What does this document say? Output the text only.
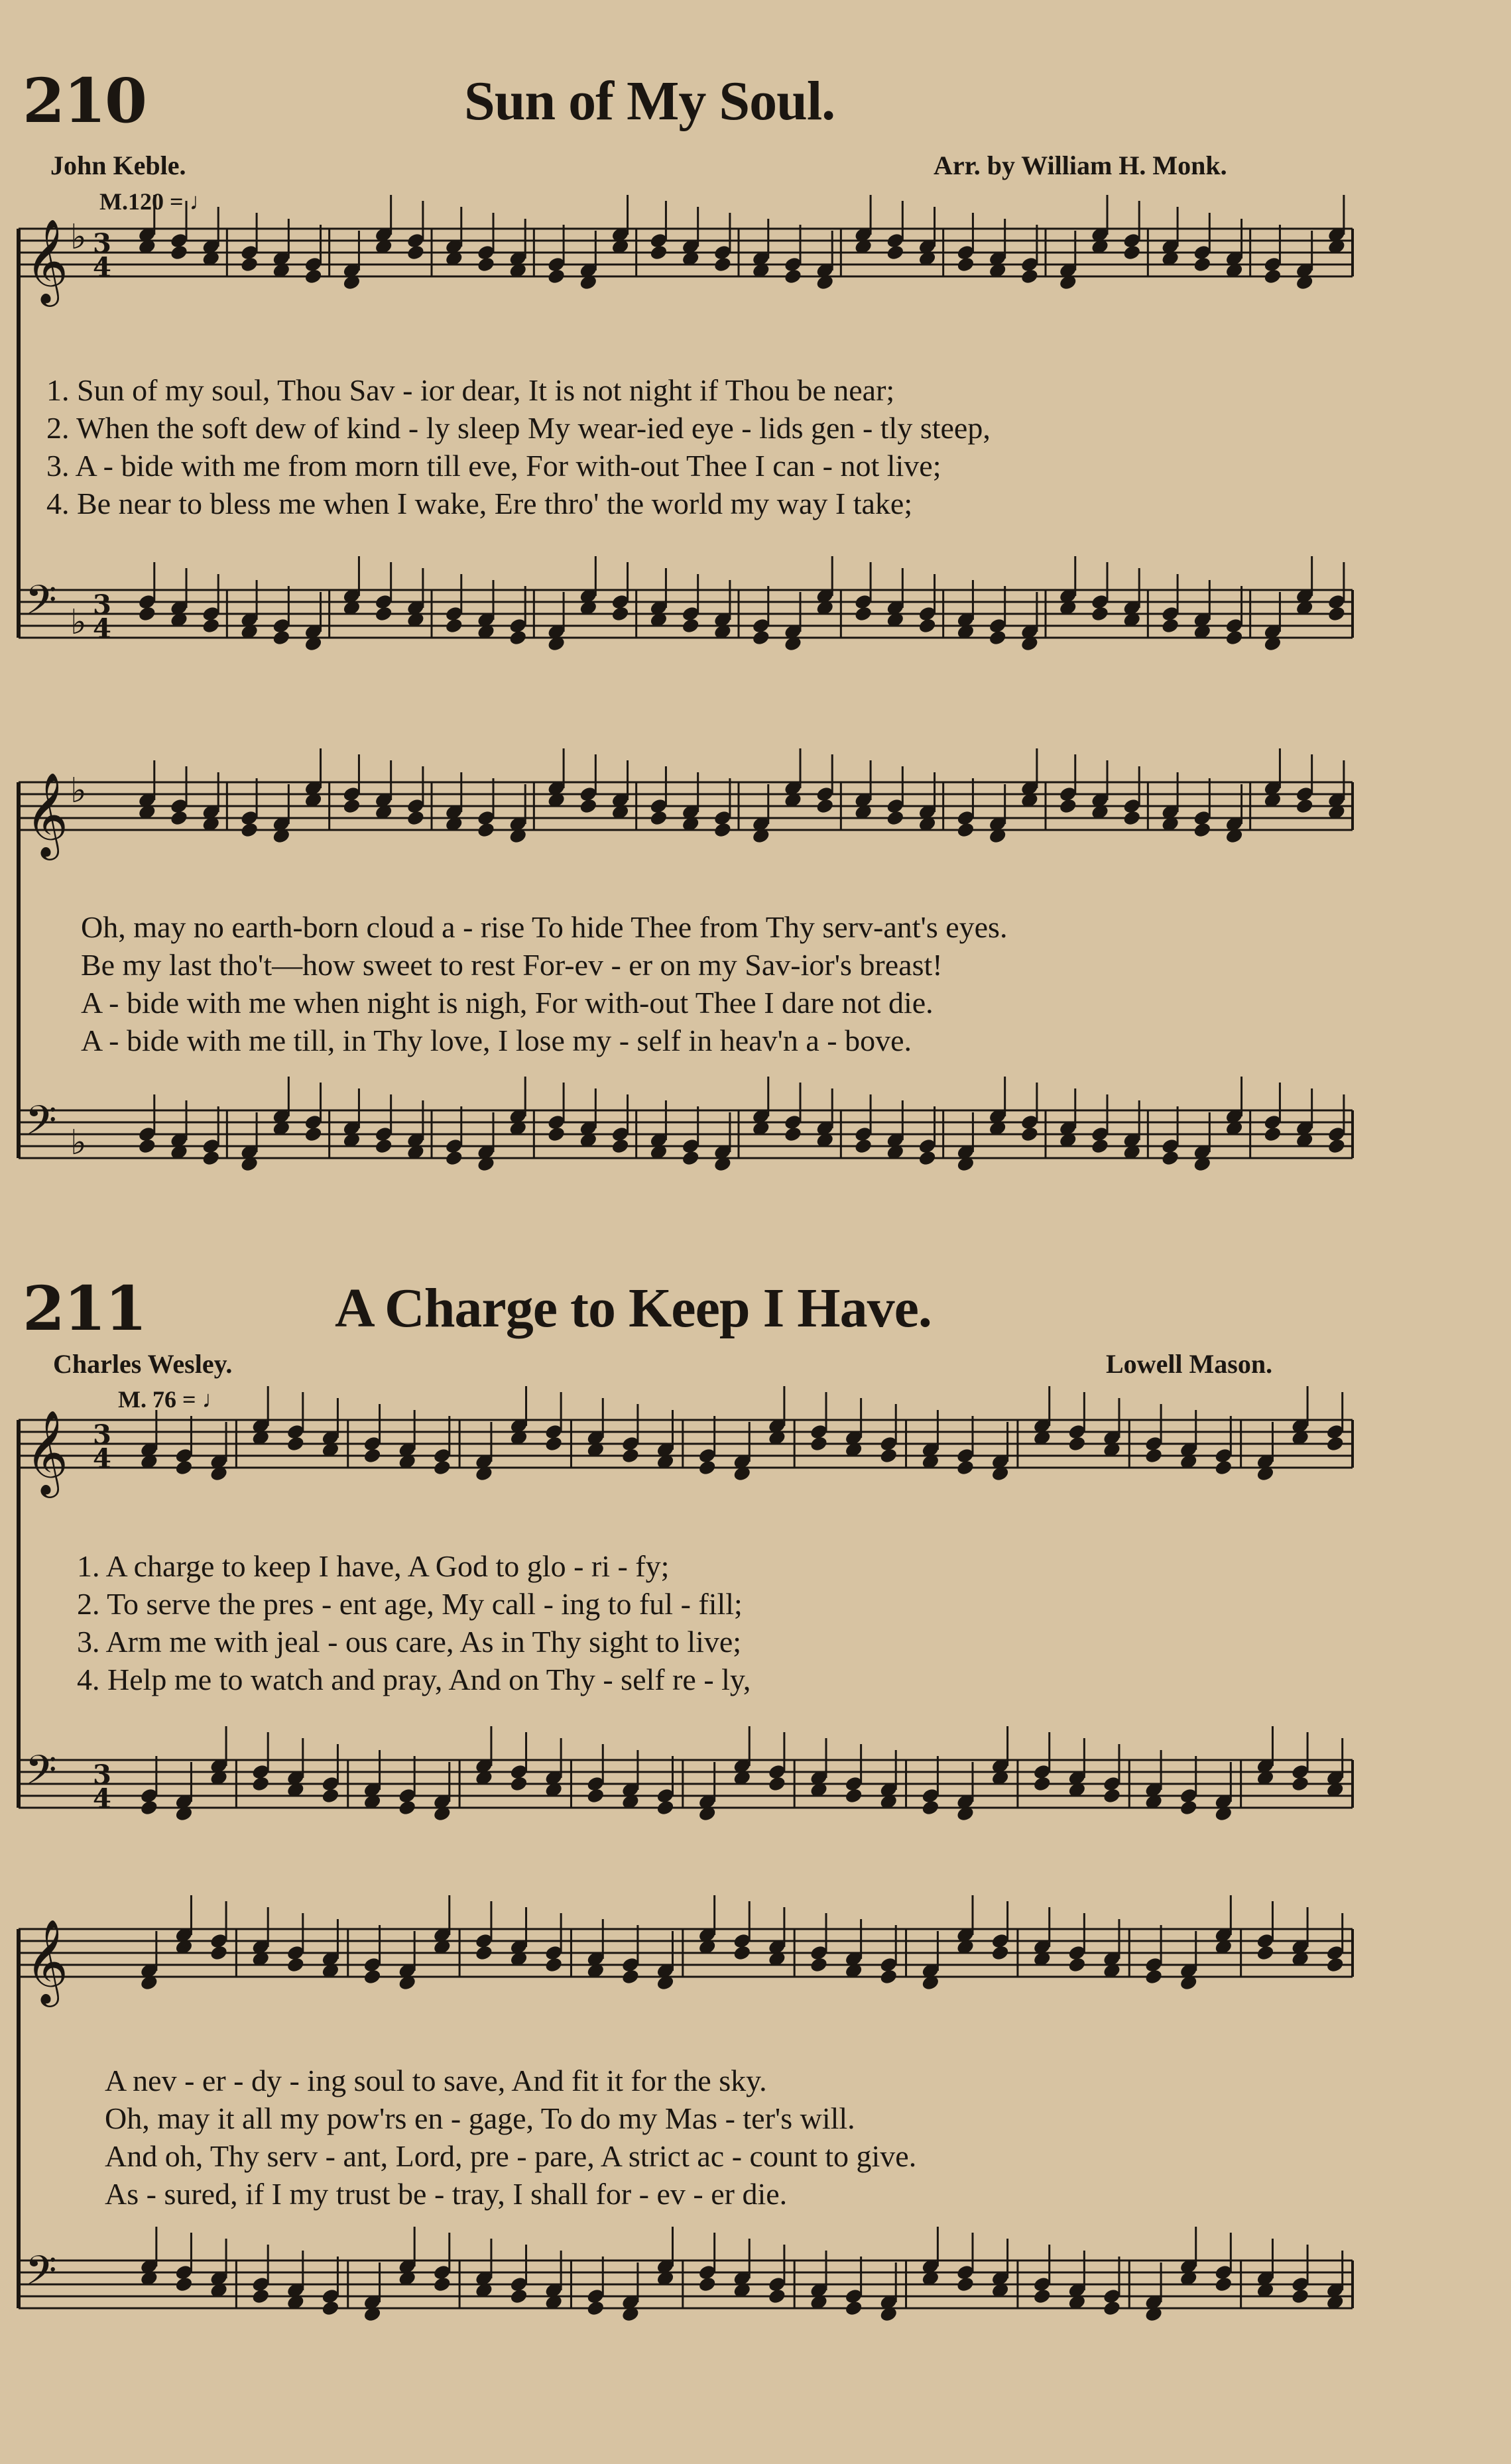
𝄞 ♭ 3
4
𝄢 ♭ 3
4
𝄞 ♭
𝄢 ♭
𝄞 3
4
𝄢 3
4
𝄞
𝄢
210	Sun of My Soul.
John Keble.	Arr. by William H. Monk.
M.120 = ♩
1. Sun of my soul, Thou Sav - ior dear, It is not night if Thou be near;
2. When the soft dew of kind - ly sleep My wear-ied eye - lids gen - tly steep,
3. A - bide with me from morn till eve, For with-out Thee I can - not live;
4. Be near to bless me when I wake, Ere thro' the world my way I take;
Oh, may no earth-born cloud a - rise To hide Thee from Thy serv-ant's eyes.
Be my last tho't—how sweet to rest For-ev - er on my Sav-ior's breast!
A - bide with me when night is nigh, For with-out Thee I dare not die.
A - bide with me till, in Thy love, I lose my - self in heav'n a - bove.
211	A Charge to Keep I Have.
Charles Wesley.	Lowell Mason.
M. 76 = ♩
1. A charge to keep I have, A God to glo - ri - fy;
2. To serve the pres - ent age, My call - ing to ful - fill;
3. Arm me with jeal - ous care, As in Thy sight to live;
4. Help me to watch and pray, And on Thy - self re - ly,
A nev - er - dy - ing soul to save, And fit it for the sky.
Oh, may it all my pow'rs en - gage, To do my Mas - ter's will.
And oh, Thy serv - ant, Lord, pre - pare, A strict ac - count to give.
As - sured, if I my trust be - tray, I shall for - ev - er die.
